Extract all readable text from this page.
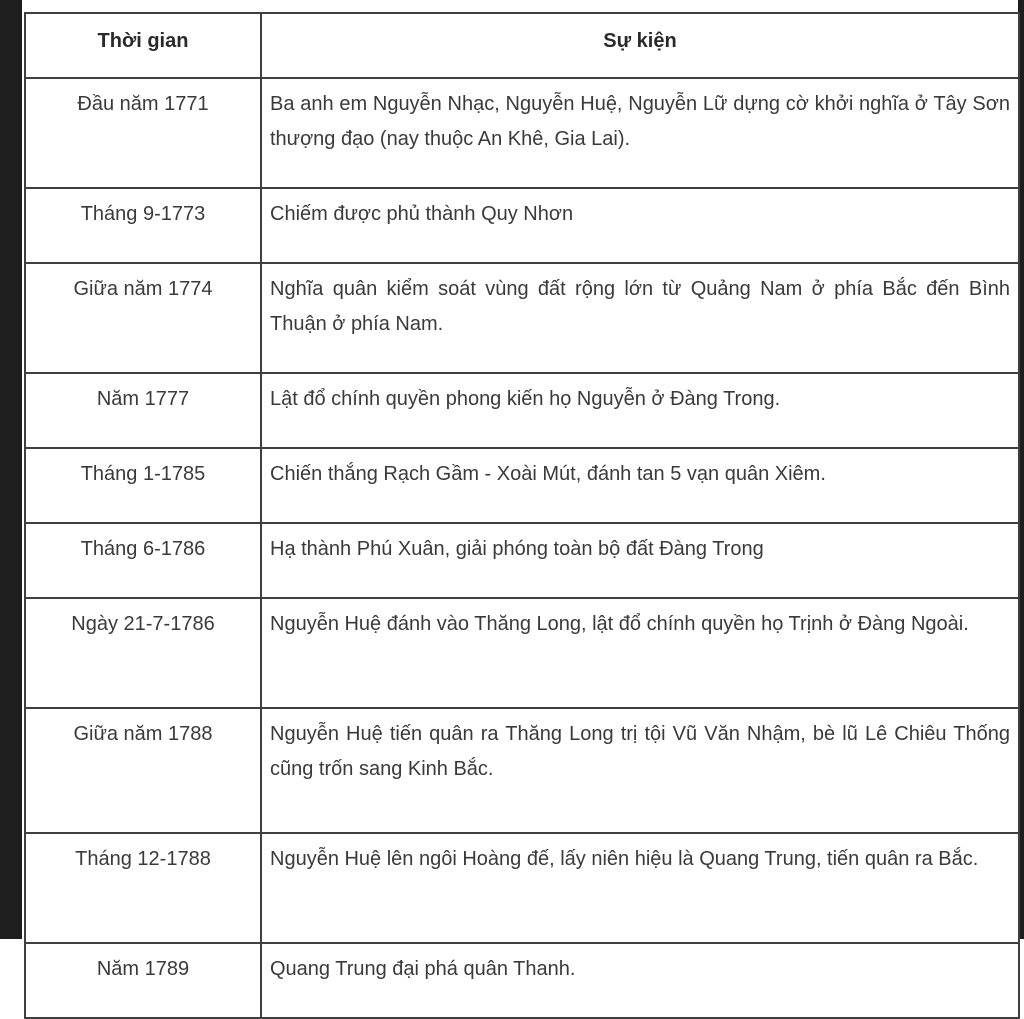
Thời gian	Sự kiện
Đầu năm 1771	Ba anh em Nguyễn Nhạc, Nguyễn Huệ, Nguyễn Lữ dựng cờ khởi nghĩa ở Tây Sơn thượng đạo (nay thuộc An Khê, Gia Lai).
Tháng 9-1773	Chiếm được phủ thành Quy Nhơn
Giữa năm 1774	Nghĩa quân kiểm soát vùng đất rộng lớn từ Quảng Nam ở phía Bắc đến Bình Thuận ở phía Nam.
Năm 1777	Lật đổ chính quyền phong kiến họ Nguyễn ở Đàng Trong.
Tháng 1-1785	Chiến thắng Rạch Gầm - Xoài Mút, đánh tan 5 vạn quân Xiêm.
Tháng 6-1786	Hạ thành Phú Xuân, giải phóng toàn bộ đất Đàng Trong
Ngày 21-7-1786	Nguyễn Huệ đánh vào Thăng Long, lật đổ chính quyền họ Trịnh ở Đàng Ngoài.
Giữa năm 1788	Nguyễn Huệ tiến quân ra Thăng Long trị tội Vũ Văn Nhậm, bè lũ Lê Chiêu Thống cũng trốn sang Kinh Bắc.
Tháng 12-1788	Nguyễn Huệ lên ngôi Hoàng đế, lấy niên hiệu là Quang Trung, tiến quân ra Bắc.
Năm 1789	Quang Trung đại phá quân Thanh.
